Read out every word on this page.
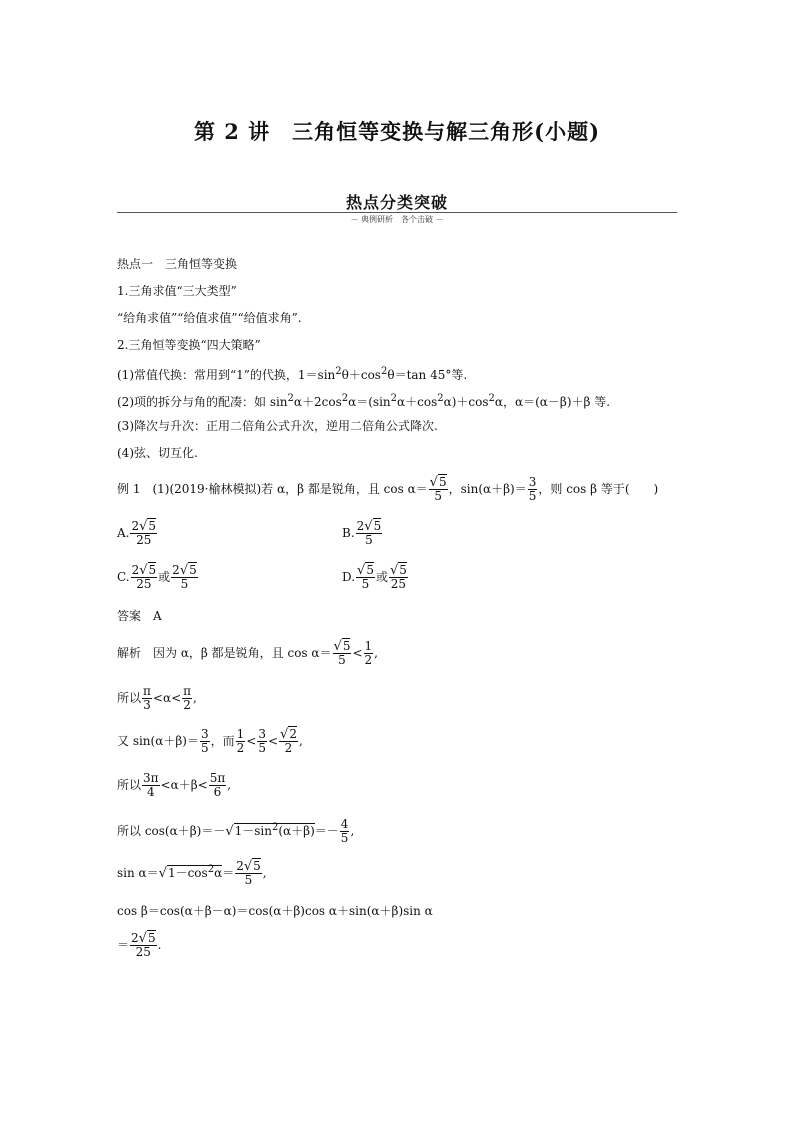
第 2 讲　三角恒等变换与解三角形(小题)
热点分类突破
－ 典例研析　各个击破 －
热点一　三角恒等变换
1.三角求值“三大类型”
“给角求值”“给值求值”“给值求角”.
2.三角恒等变换“四大策略”
(1)常值代换：常用到“1”的代换，$1=\sin^2\theta+\cos^2\theta=\tan$ 45°等.
(2)项的拆分与角的配凑：如 $\sin^2\alpha+2\cos^2\alpha=(\sin^2\alpha+\cos^2\alpha)+\cos^2\alpha$，α＝(α－β)＋β 等.
(3)降次与升次：正用二倍角公式升次，逆用二倍角公式降次.
(4)弦、切互化.
例 1　(1)(2019·榆林模拟)若 α，β 都是锐角，且 $\cos \alpha= \frac{√5}{5}$ ，$\sin(\alpha+\beta)= \frac{3}{5}$ ，则 cos β 等于(　　)
A. $\frac{2√5}{25}$	B. $\frac{2√5}{5}$
C. $\frac{2√5}{25}$ 或 $\frac{2√5}{5}$	D. $\frac{√5}{5}$ 或 $\frac{√5}{25}$
答案　A
解析　因为 α，β 都是锐角，且 $\cos \alpha= \frac{√5}{5} < \frac{1}{2}$ ,
所以 $\frac{\pi}{3} <\alpha< \frac{\pi}{2}$ ,
又 $\sin(\alpha+\beta)= \frac{3}{5}$ ，而 $\frac{1}{2} < \frac{3}{5} < \frac{√2}{2}$ ,
所以 $\frac{3\pi}{4} <\alpha+\beta< \frac{5\pi}{6}$ ,
所以 $\cos(\alpha+\beta)=-√1-\sin^2(\alpha+\beta)=- \frac{4}{5}$ ,
$\sin \alpha=√1-\cos^2\alpha= \frac{2√5}{5}$ ,
cos β＝cos(α＋β－α)＝cos(α＋β)cos α＋sin(α＋β)sin α
＝ $\frac{2√5}{25}$ .
